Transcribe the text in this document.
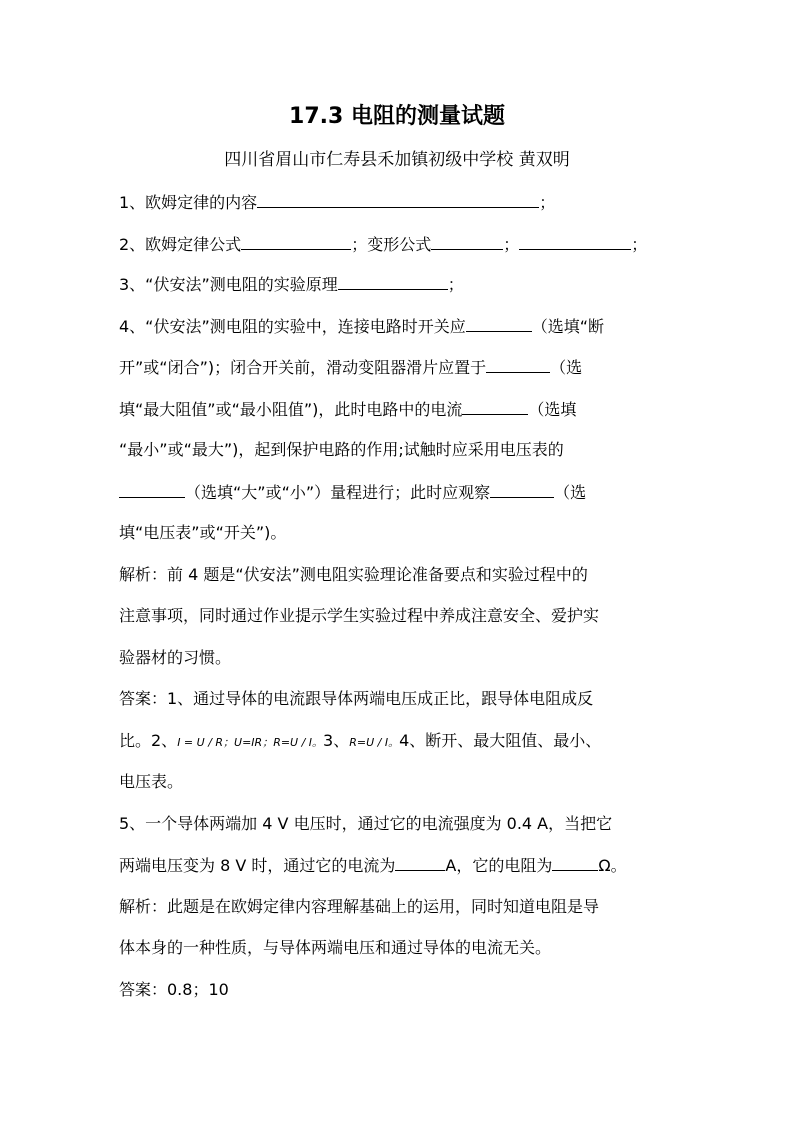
17.3 电阻的测量试题
四川省眉山市仁寿县禾加镇初级中学校 黄双明
1、欧姆定律的内容	；
2、欧姆定律公式	；变形公式	；	；
3、“伏安法”测电阻的实验原理	；
4、“伏安法”测电阻的实验中，连接电路时开关应	（选填“断
开”或“闭合”)；闭合开关前，滑动变阻器滑片应置于	（选
填“最大阻值”或“最小阻值”)，此时电路中的电流	（选填
“最小”或“最大”)，起到保护电路的作用;试触时应采用电压表的
（选填“大”或“小”）量程进行；此时应观察	（选
填“电压表”或“开关”)。
解析：前 4 题是“伏安法”测电阻实验理论准备要点和实验过程中的
注意事项，同时通过作业提示学生实验过程中养成注意安全、爱护实
验器材的习惯。
答案：1、通过导体的电流跟导体两端电压成正比，跟导体电阻成反
比。2、I = U / R；U=IR；R=U / I。3、R=U / I。4、断开、最大阻值、最小、
电压表。
5、一个导体两端加 4 V 电压时，通过它的电流强度为 0.4 A，当把它
两端电压变为 8 V 时，通过它的电流为	A，它的电阻为	Ω。
解析：此题是在欧姆定律内容理解基础上的运用，同时知道电阻是导
体本身的一种性质，与导体两端电压和通过导体的电流无关。
答案：0.8；10
